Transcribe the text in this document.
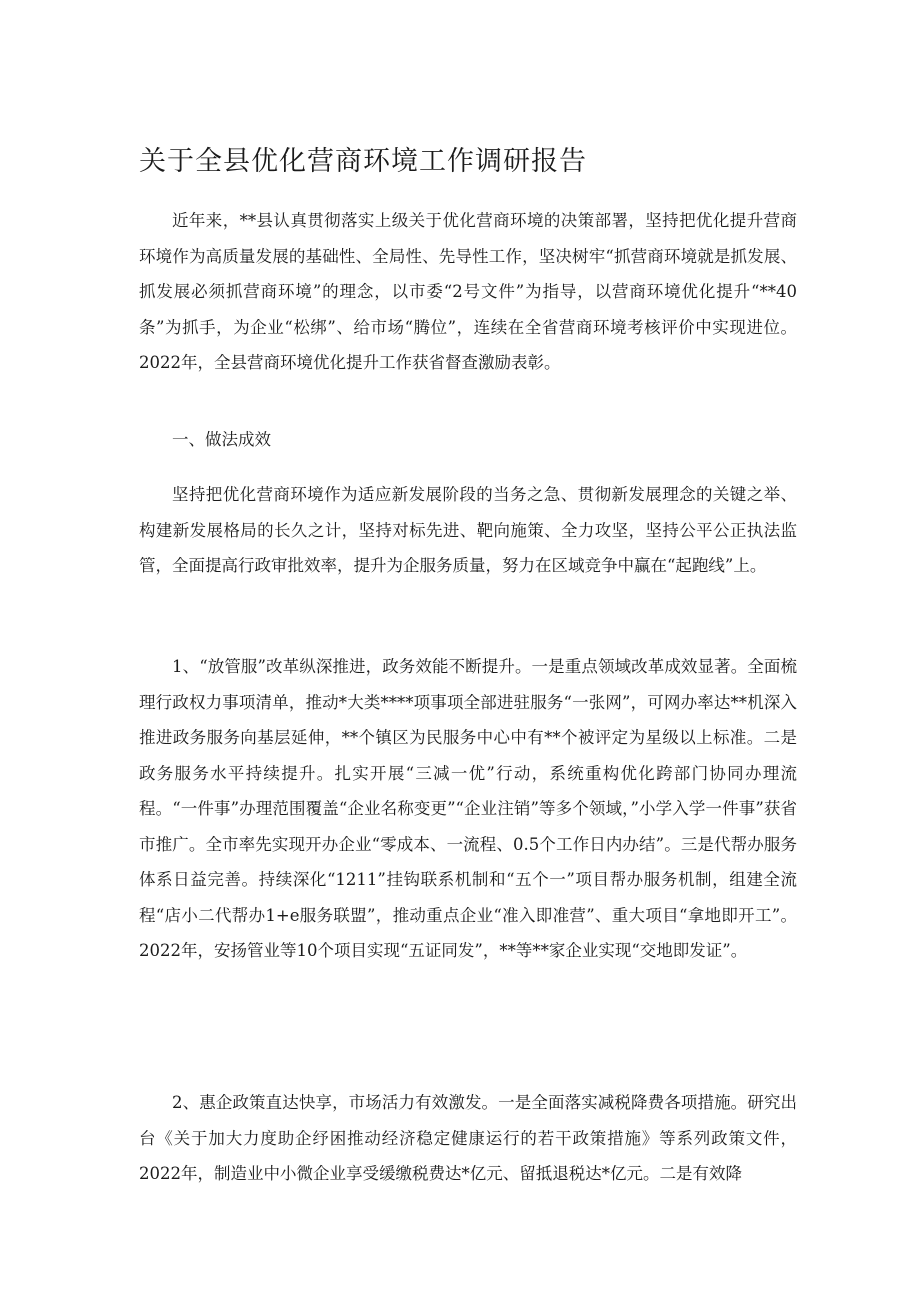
关于全县优化营商环境工作调研报告

近年来，**县认真贯彻落实上级关于优化营商环境的决策部署，坚持把优化提升营商环境作为高质量发展的基础性、全局性、先导性工作，坚决树牢“抓营商环境就是抓发展、抓发展必须抓营商环境”的理念，以市委“2号文件”为指导，以营商环境优化提升“**40条”为抓手，为企业“松绑”、给市场“腾位”，连续在全省营商环境考核评价中实现进位。2022年，全县营商环境优化提升工作获省督查激励表彰。

一、做法成效

坚持把优化营商环境作为适应新发展阶段的当务之急、贯彻新发展理念的关键之举、构建新发展格局的长久之计，坚持对标先进、靶向施策、全力攻坚，坚持公平公正执法监管，全面提高行政审批效率，提升为企服务质量，努力在区域竞争中赢在“起跑线”上。

1、“放管服”改革纵深推进，政务效能不断提升。一是重点领域改革成效显著。全面梳理行政权力事项清单，推动*大类****项事项全部进驻服务“一张网”，可网办率达**机深入推进政务服务向基层延伸，**个镇区为民服务中心中有**个被评定为星级以上标准。二是政务服务水平持续提升。扎实开展“三减一优”行动，系统重构优化跨部门协同办理流程。“一件事”办理范围覆盖“企业名称变更”“企业注销”等多个领域，”小学入学一件事”获省市推广。全市率先实现开办企业“零成本、一流程、0.5个工作日内办结”。三是代帮办服务体系日益完善。持续深化“1211”挂钩联系机制和“五个一”项目帮办服务机制，组建全流程“店小二代帮办1+e服务联盟”，推动重点企业“准入即准营”、重大项目“拿地即开工”。2022年，安扬管业等10个项目实现“五证同发”，**等**家企业实现“交地即发证”。

2、惠企政策直达快享，市场活力有效激发。一是全面落实减税降费各项措施。研究出台《关于加大力度助企纾困推动经济稳定健康运行的若干政策措施》等系列政策文件，2022年，制造业中小微企业享受缓缴税费达*亿元、留抵退税达*亿元。二是有效降
